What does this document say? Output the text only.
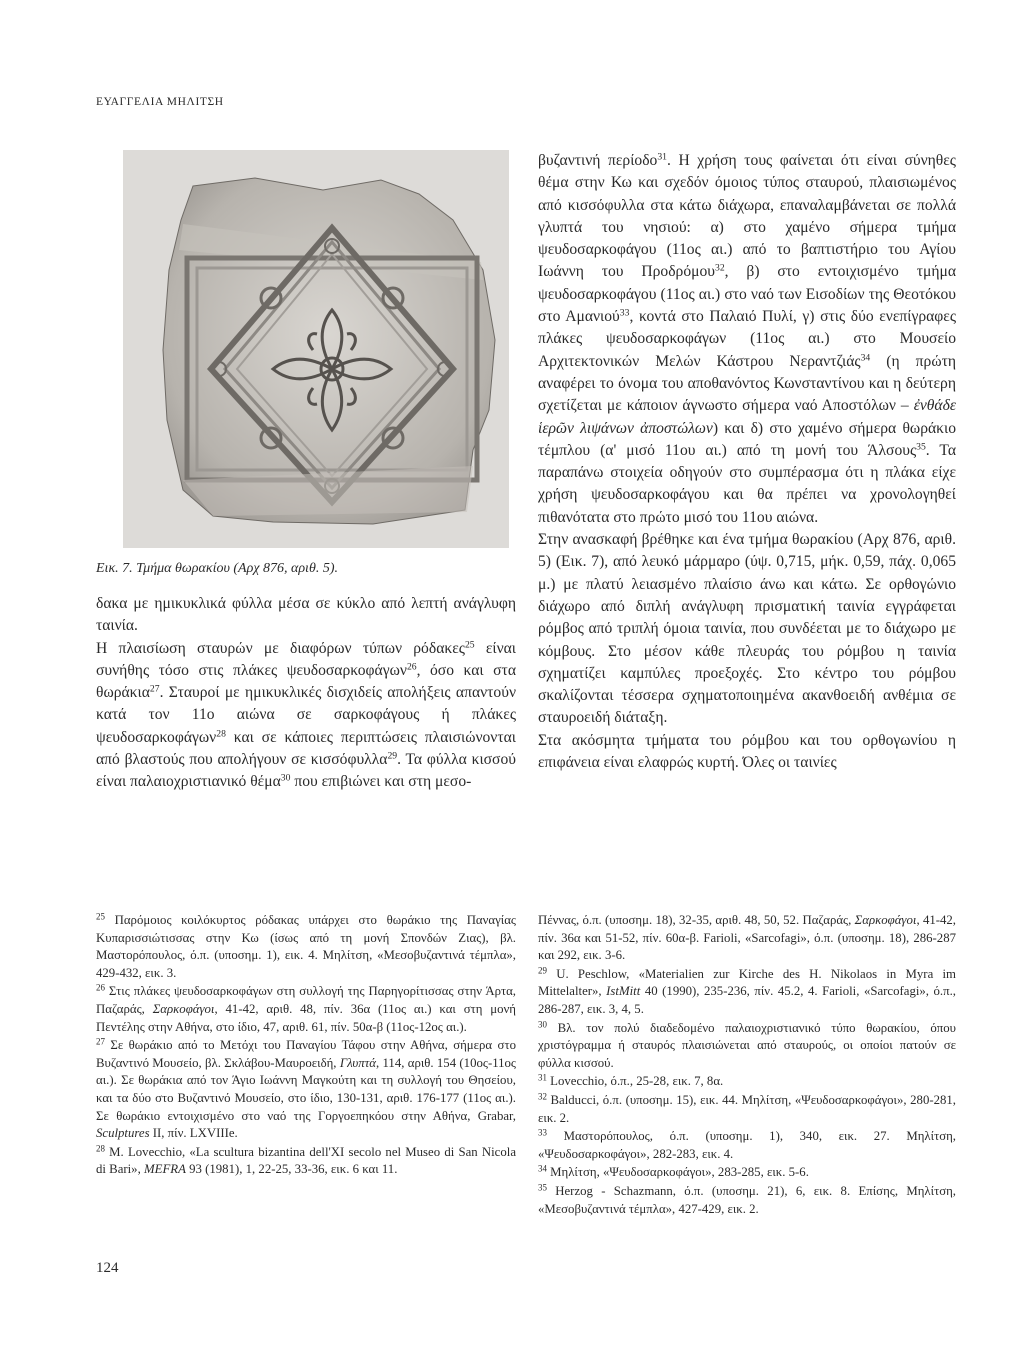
ΕΥΑΓΓΕΛΙΑ ΜΗΛΙΤΣΗ
Εικ. 7. Τμήμα θωρακίου (Αρχ 876, αριθ. 5).

δακα με ημικυκλικά φύλλα μέσα σε κύκλο από λεπτή ανάγλυφη ταινία.

Η πλαισίωση σταυρών με διαφόρων τύπων ρόδακες$^{25}$ είναι συνήθης τόσο στις πλάκες ψευδοσαρκοφάγων$^{26}$, όσο και στα θωράκια$^{27}$. Σταυροί με ημικυκλικές δισχιδείς απολήξεις απαντούν κατά τον 11ο αιώνα σε σαρκοφάγους ή πλάκες ψευδοσαρκοφάγων$^{28}$ και σε κάποιες περιπτώσεις πλαισιώνονται από βλαστούς που απολήγουν σε κισσόφυλλα$^{29}$. Τα φύλλα κισσού είναι παλαιοχριστιανικό θέμα$^{30}$ που επιβιώνει και στη μεσο-

βυζαντινή περίοδο$^{31}$. Η χρήση τους φαίνεται ότι είναι σύνηθες θέμα στην Κω και σχεδόν όμοιος τύπος σταυρού, πλαισιωμένος από κισσόφυλλα στα κάτω διάχωρα, επαναλαμβάνεται σε πολλά γλυπτά του νησιού: α) στο χαμένο σήμερα τμήμα ψευδοσαρκοφάγου (11ος αι.) από το βαπτιστήριο του Αγίου Ιωάννη του Προδρόμου$^{32}$, β) στο εντοιχισμένο τμήμα ψευδοσαρκοφάγου (11ος αι.) στο ναό των Εισοδίων της Θεοτόκου στο Αμανιού$^{33}$, κοντά στο Παλαιό Πυλί, γ) στις δύο ενεπίγραφες πλάκες ψευδοσαρκοφάγων (11ος αι.) στο Μουσείο Αρχιτεκτονικών Μελών Κάστρου Νεραντζιάς$^{34}$ (η πρώτη αναφέρει το όνομα του αποθανόντος Κωνσταντίνου και η δεύτερη σχετίζεται με κάποιον άγνωστο σήμερα ναό Αποστόλων – ἐνθάδε ἱερῶν λιψάνων ἀποστώλων) και δ) στο χαμένο σήμερα θωράκιο τέμπλου (α' μισό 11ου αι.) από τη μονή του Άλσους$^{35}$. Τα παραπάνω στοιχεία οδηγούν στο συμπέρασμα ότι η πλάκα είχε χρήση ψευδοσαρκοφάγου και θα πρέπει να χρονολογηθεί πιθανότατα στο πρώτο μισό του 11ου αιώνα.

Στην ανασκαφή βρέθηκε και ένα τμήμα θωρακίου (Αρχ 876, αριθ. 5) (Εικ. 7), από λευκό μάρμαρο (ύψ. 0,715, μήκ. 0,59, πάχ. 0,065 μ.) με πλατύ λειασμένο πλαίσιο άνω και κάτω. Σε ορθογώνιο διάχωρο από διπλή ανάγλυφη πρισματική ταινία εγγράφεται ρόμβος από τριπλή όμοια ταινία, που συνδέεται με το διάχωρο με κόμβους. Στο μέσον κάθε πλευράς του ρόμβου η ταινία σχηματίζει καμπύλες προεξοχές. Στο κέντρο του ρόμβου σκαλίζονται τέσσερα σχηματοποιημένα ακανθοειδή ανθέμια σε σταυροειδή διάταξη.

Στα ακόσμητα τμήματα του ρόμβου και του ορθογωνίου η επιφάνεια είναι ελαφρώς κυρτή. Όλες οι ταινίες

$^{25}$ Παρόμοιος κοιλόκυρτος ρόδακας υπάρχει στο θωράκιο της Παναγίας Κυπαρισσιώτισσας στην Κω (ίσως από τη μονή Σπονδών Ζιας), βλ. Μαστορόπουλος, ό.π. (υποσημ. 1), εικ. 4. Μηλίτση, «Μεσοβυζαντινά τέμπλα», 429-432, εικ. 3.

$^{26}$ Στις πλάκες ψευδοσαρκοφάγων στη συλλογή της Παρηγορίτισσας στην Άρτα, Παζαράς, Σαρκοφάγοι, 41-42, αριθ. 48, πίν. 36α (11ος αι.) και στη μονή Πεντέλης στην Αθήνα, στο ίδιο, 47, αριθ. 61, πίν. 50α-β (11ος-12ος αι.).

$^{27}$ Σε θωράκιο από το Μετόχι του Παναγίου Τάφου στην Αθήνα, σήμερα στο Βυζαντινό Μουσείο, βλ. Σκλάβου-Μαυροειδή, Γλυπτά, 114, αριθ. 154 (10ος-11ος αι.). Σε θωράκια από τον Άγιο Ιωάννη Μαγκούτη και τη συλλογή του Θησείου, και τα δύο στο Βυζαντινό Μουσείο, στο ίδιο, 130-131, αριθ. 176-177 (11ος αι.). Σε θωράκιο εντοιχισμένο στο ναό της Γοργοεπηκόου στην Αθήνα, Grabar, Sculptures II, πίν. LXVIIIe.

$^{28}$ M. Lovecchio, «La scultura bizantina dell'XI secolo nel Museo di San Nicola di Bari», MEFRA 93 (1981), 1, 22-25, 33-36, εικ. 6 και 11.

Πέννας, ό.π. (υποσημ. 18), 32-35, αριθ. 48, 50, 52. Παζαράς, Σαρκοφάγοι, 41-42, πίν. 36α και 51-52, πίν. 60α-β. Farioli, «Sarcofagi», ό.π. (υποσημ. 18), 286-287 και 292, εικ. 3-6.

$^{29}$ U. Peschlow, «Materialien zur Kirche des H. Nikolaos in Myra im Mittelalter», IstMitt 40 (1990), 235-236, πίν. 45.2, 4. Farioli, «Sarcofagi», ό.π., 286-287, εικ. 3, 4, 5.

$^{30}$ Βλ. τον πολύ διαδεδομένο παλαιοχριστιανικό τύπο θωρακίου, όπου χριστόγραμμα ή σταυρός πλαισιώνεται από σταυρούς, οι οποίοι πατούν σε φύλλα κισσού.

$^{31}$ Lovecchio, ό.π., 25-28, εικ. 7, 8α.

$^{32}$ Balducci, ό.π. (υποσημ. 15), εικ. 44. Μηλίτση, «Ψευδοσαρκοφάγοι», 280-281, εικ. 2.

$^{33}$ Μαστορόπουλος, ό.π. (υποσημ. 1), 340, εικ. 27. Μηλίτση, «Ψευδοσαρκοφάγοι», 282-283, εικ. 4.

$^{34}$ Μηλίτση, «Ψευδοσαρκοφάγοι», 283-285, εικ. 5-6.

$^{35}$ Herzog - Schazmann, ό.π. (υποσημ. 21), 6, εικ. 8. Επίσης, Μηλίτση, «Μεσοβυζαντινά τέμπλα», 427-429, εικ. 2.

124
